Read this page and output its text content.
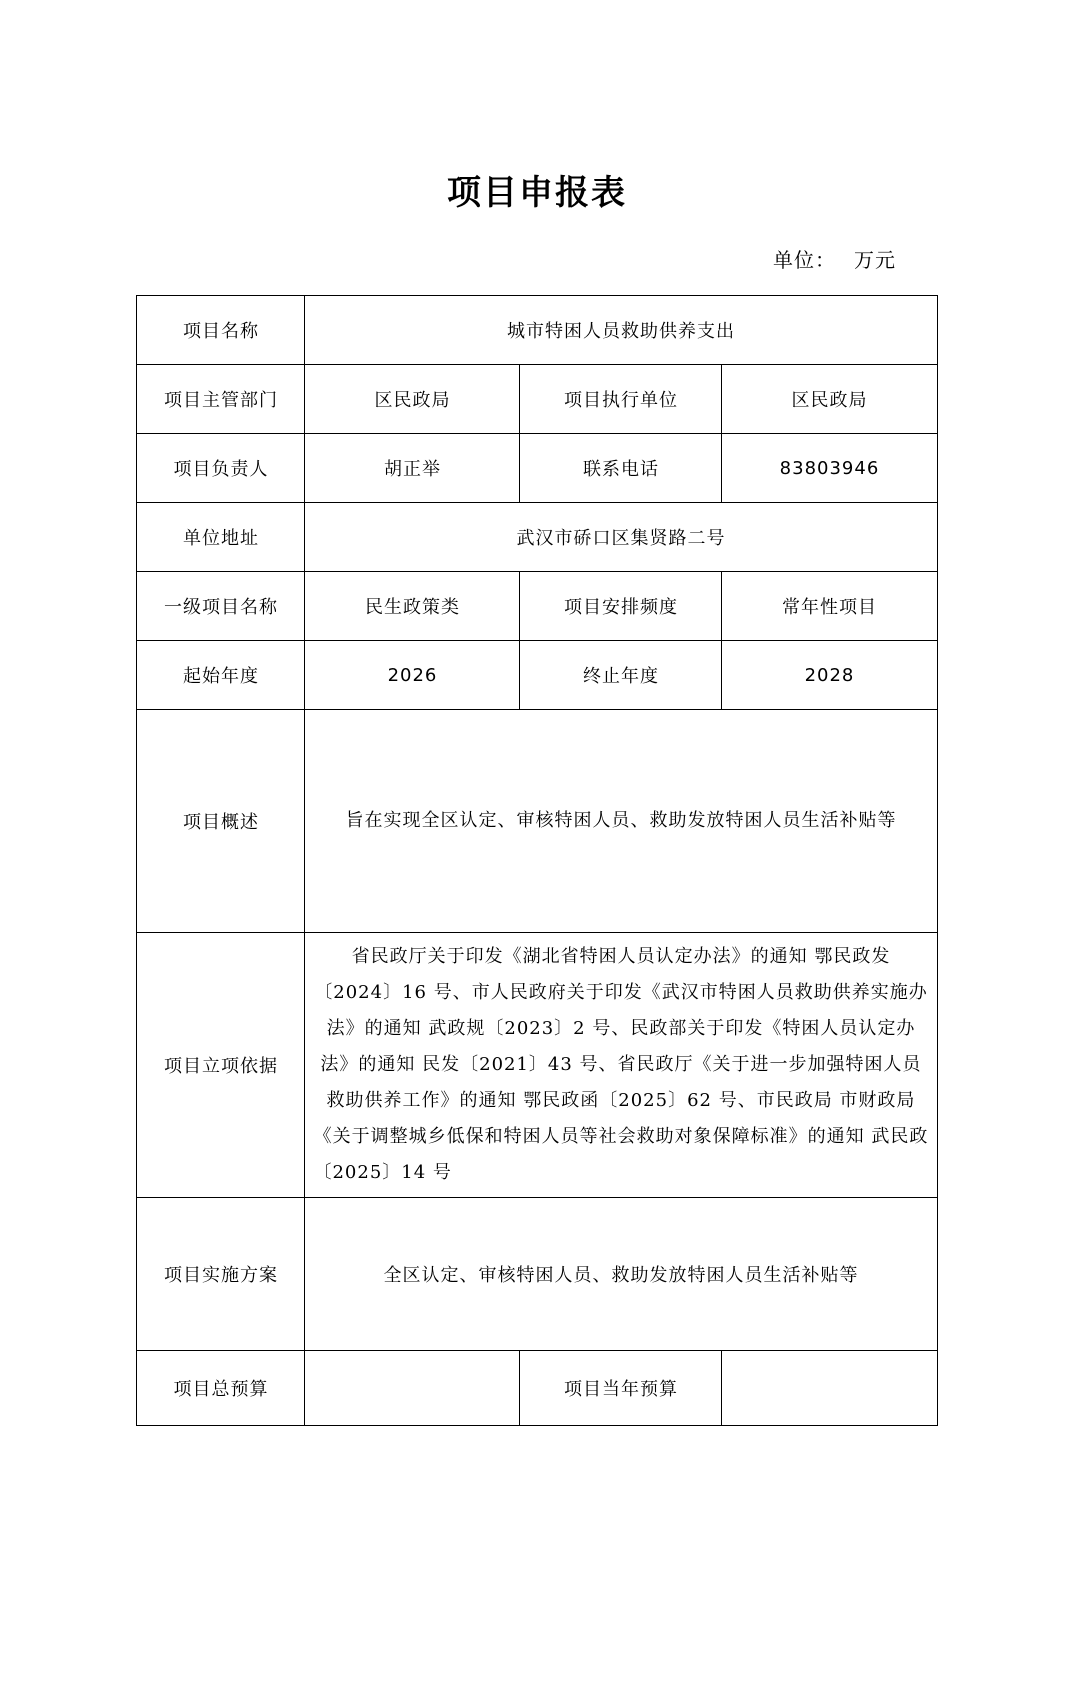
项目申报表
单位： 万元
项目名称	城市特困人员救助供养支出		
项目主管部门	区民政局	项目执行单位	区民政局
项目负责人	胡正举	联系电话	83803946
单位地址	武汉市硚口区集贤路二号		
一级项目名称	民生政策类	项目安排频度	常年性项目
起始年度	2026	终止年度	2028
项目概述	旨在实现全区认定、审核特困人员、救助发放特困人员生活补贴等		
项目立项依据	省民政厅关于印发《湖北省特困人员认定办法》的通知 鄂民政发〔2024〕16 号、市人民政府关于印发《武汉市特困人员救助供养实施办法》的通知 武政规〔2023〕2 号、民政部关于印发《特困人员认定办法》的通知 民发〔2021〕43 号、省民政厅《关于进一步加强特困人员救助供养工作》的通知 鄂民政函〔2025〕62 号、市民政局 市财政局《关于调整城乡低保和特困人员等社会救助对象保障标准》的通知 武民政〔2025〕14 号		
项目实施方案	全区认定、审核特困人员、救助发放特困人员生活补贴等		
项目总预算		项目当年预算	
